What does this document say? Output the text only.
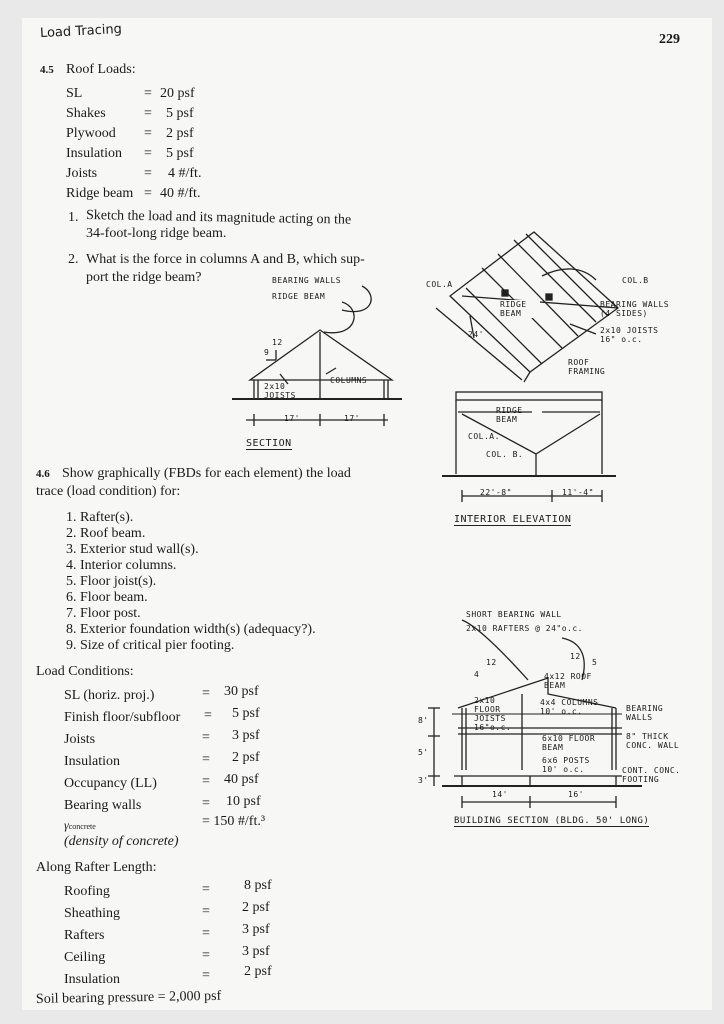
Load Tracing	229
4.5 Roof Loads:
SL	= 20 psf
Shakes	= 5 psf
Plywood = 2 psf
Insulation = 5 psf
Joists	= 4 #/ft.
Ridge beam = 40 #/ft.
1. Sketch the load and its magnitude acting on the
34-foot-long ridge beam.
2. What is the force in columns A and B, which sup-
port the ridge beam?	BEARING WALLS
RIDGE BEAM
12
9
2x10 JOISTS
COLUMNS
17'	17'
SECTION
COL.A	COL.B
RIDGE BEAM
BEARING WALLS (4 SIDES)
2x10 JOISTS 16" o.c.
24'
ROOF FRAMING
RIDGE BEAM
COL.A.
COL. B.
22'-8"	11'-4"
INTERIOR ELEVATION
4.6 Show graphically (FBDs for each element) the load
trace (load condition) for:
1. Rafter(s).
2. Roof beam.
3. Exterior stud wall(s).
4. Interior columns.
5. Floor joist(s).
6. Floor beam.
7. Floor post.
8. Exterior foundation width(s) (adequacy?).
9. Size of critical pier footing.
Load Conditions:
SL (horiz. proj.)	= 30 psf
Finish floor/subfloor = 5 psf
Joists	= 3 psf
Insulation	= 2 psf
Occupancy (LL)	= 40 psf
Bearing walls	= 10 psf
γconcrete	= 150 #/ft.³
(density of concrete)
Along Rafter Length:
Roofing	= 8 psf
Sheathing	= 2 psf
Rafters	= 3 psf
Ceiling	= 3 psf
Insulation	= 2 psf
Soil bearing pressure = 2,000 psf
SHORT BEARING WALL
2x10 RAFTERS @ 24"o.c.
12
4
12
5
4x12 ROOF BEAM
2x10 FLOOR JOISTS 16"o.c.
4x4 COLUMNS 10' o.c.	BEARING WALLS
6x10 FLOOR BEAM
6x6 POSTS 10' o.c.
8" THICK CONC. WALL
CONT. CONC. FOOTING
14'	16'
8'
5'
3'
BUILDING SECTION (BLDG. 50' LONG)
